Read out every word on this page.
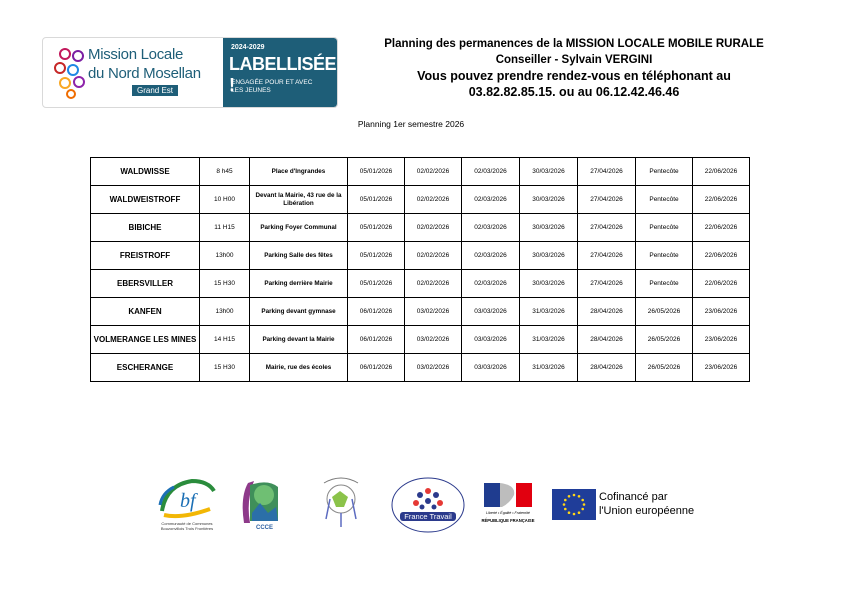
Mission Locale
du Nord Mosellan
Grand Est
2024-2029
LABELLISÉE !
ENGAGÉE POUR ET AVEC
LES JEUNES
Planning des permanences de la MISSION LOCALE MOBILE RURALE
Conseiller - Sylvain VERGINI
Vous pouvez prendre rendez-vous en téléphonant au
03.82.82.85.15. ou au 06.12.42.46.46
Planning 1er semestre 2026
WALDWISSE	8 h45	Place d'Ingrandes	05/01/2026	02/02/2026	02/03/2026	30/03/2026	27/04/2026	Pentecôte	22/06/2026
WALDWEISTROFF	10 H00	Devant la Mairie, 43 rue de la Libération	05/01/2026	02/02/2026	02/03/2026	30/03/2026	27/04/2026	Pentecôte	22/06/2026
BIBICHE	11 H15	Parking Foyer Communal	05/01/2026	02/02/2026	02/03/2026	30/03/2026	27/04/2026	Pentecôte	22/06/2026
FREISTROFF	13h00	Parking Salle des fêtes	05/01/2026	02/02/2026	02/03/2026	30/03/2026	27/04/2026	Pentecôte	22/06/2026
EBERSVILLER	15 H30	Parking derrière Mairie	05/01/2026	02/02/2026	02/03/2026	30/03/2026	27/04/2026	Pentecôte	22/06/2026
KANFEN	13h00	Parking devant gymnase	06/01/2026	03/02/2026	03/03/2026	31/03/2026	28/04/2026	26/05/2026	23/06/2026
VOLMERANGE LES MINES	14 H15	Parking devant la Mairie	06/01/2026	03/02/2026	03/03/2026	31/03/2026	28/04/2026	26/05/2026	23/06/2026
ESCHERANGE	15 H30	Mairie, rue des écoles	06/01/2026	03/02/2026	03/03/2026	31/03/2026	28/04/2026	26/05/2026	23/06/2026
bf
Communauté de Communes
Bouzonvillois Trois Frontières	CCCE
France Travail	Liberté • Égalité • Fraternité
RÉPUBLIQUE FRANÇAISE
Cofinancé par
l'Union européenne
